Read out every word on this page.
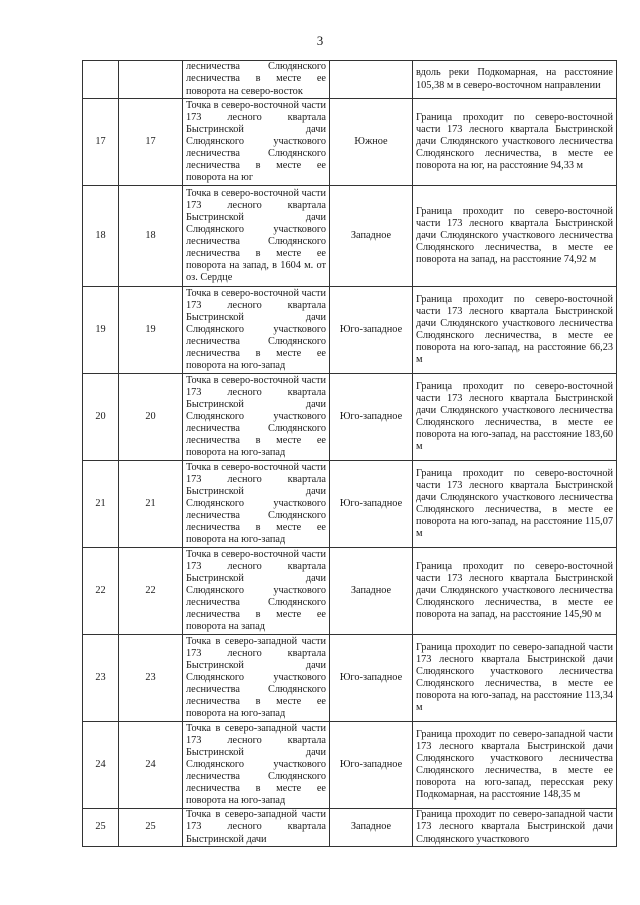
3
		лесничества Слюдянского лесничества в месте ее поворота на северо-восток		вдоль реки Подкомарная, на расстояние 105,38 м в северо-восточном направлении
17	17	Точка в северо-восточной части 173 лесного квартала Быстринской дачи Слюдянского участкового лесничества Слюдянского лесничества в месте ее поворота на юг	Южное	Граница проходит по северо-восточной части 173 лесного квартала Быстринской дачи Слюдянского участкового лесничества Слюдянского лесничества, в месте ее поворота на юг, на расстояние 94,33 м
18	18	Точка в северо-восточной части 173 лесного квартала Быстринской дачи Слюдянского участкового лесничества Слюдянского лесничества в месте ее поворота на запад, в 1604 м. от оз. Сердце	Западное	Граница проходит по северо-восточной части 173 лесного квартала Быстринской дачи Слюдянского участкового лесничества Слюдянского лесничества, в месте ее поворота на запад, на расстояние 74,92 м
19	19	Точка в северо-восточной части 173 лесного квартала Быстринской дачи Слюдянского участкового лесничества Слюдянского лесничества в месте ее поворота на юго-запад	Юго-западное	Граница проходит по северо-восточной части 173 лесного квартала Быстринской дачи Слюдянского участкового лесничества Слюдянского лесничества, в месте ее поворота на юго-запад, на расстояние 66,23 м
20	20	Точка в северо-восточной части 173 лесного квартала Быстринской дачи Слюдянского участкового лесничества Слюдянского лесничества в месте ее поворота на юго-запад	Юго-западное	Граница проходит по северо-восточной части 173 лесного квартала Быстринской дачи Слюдянского участкового лесничества Слюдянского лесничества, в месте ее поворота на юго-запад, на расстояние 183,60 м
21	21	Точка в северо-восточной части 173 лесного квартала Быстринской дачи Слюдянского участкового лесничества Слюдянского лесничества в месте ее поворота на юго-запад	Юго-западное	Граница проходит по северо-восточной части 173 лесного квартала Быстринской дачи Слюдянского участкового лесничества Слюдянского лесничества, в месте ее поворота на юго-запад, на расстояние 115,07 м
22	22	Точка в северо-восточной части 173 лесного квартала Быстринской дачи Слюдянского участкового лесничества Слюдянского лесничества в месте ее поворота на запад	Западное	Граница проходит по северо-восточной части 173 лесного квартала Быстринской дачи Слюдянского участкового лесничества Слюдянского лесничества, в месте ее поворота на запад, на расстояние 145,90 м
23	23	Точка в северо-западной части 173 лесного квартала Быстринской дачи Слюдянского участкового лесничества Слюдянского лесничества в месте ее поворота на юго-запад	Юго-западное	Граница проходит по северо-западной части 173 лесного квартала Быстринской дачи Слюдянского участкового лесничества Слюдянского лесничества, в месте ее поворота на юго-запад, на расстояние 113,34 м
24	24	Точка в северо-западной части 173 лесного квартала Быстринской дачи Слюдянского участкового лесничества Слюдянского лесничества в месте ее поворота на юго-запад	Юго-западное	Граница проходит по северо-западной части 173 лесного квартала Быстринской дачи Слюдянского участкового лесничества Слюдянского лесничества, в месте ее поворота на юго-запад, пересская реку Подкомарная, на расстояние 148,35 м
25	25	Точка в северо-западной части 173 лесного квартала Быстринской дачи	Западное	Граница проходит по северо-западной части 173 лесного квартала Быстринской дачи Слюдянского участкового
